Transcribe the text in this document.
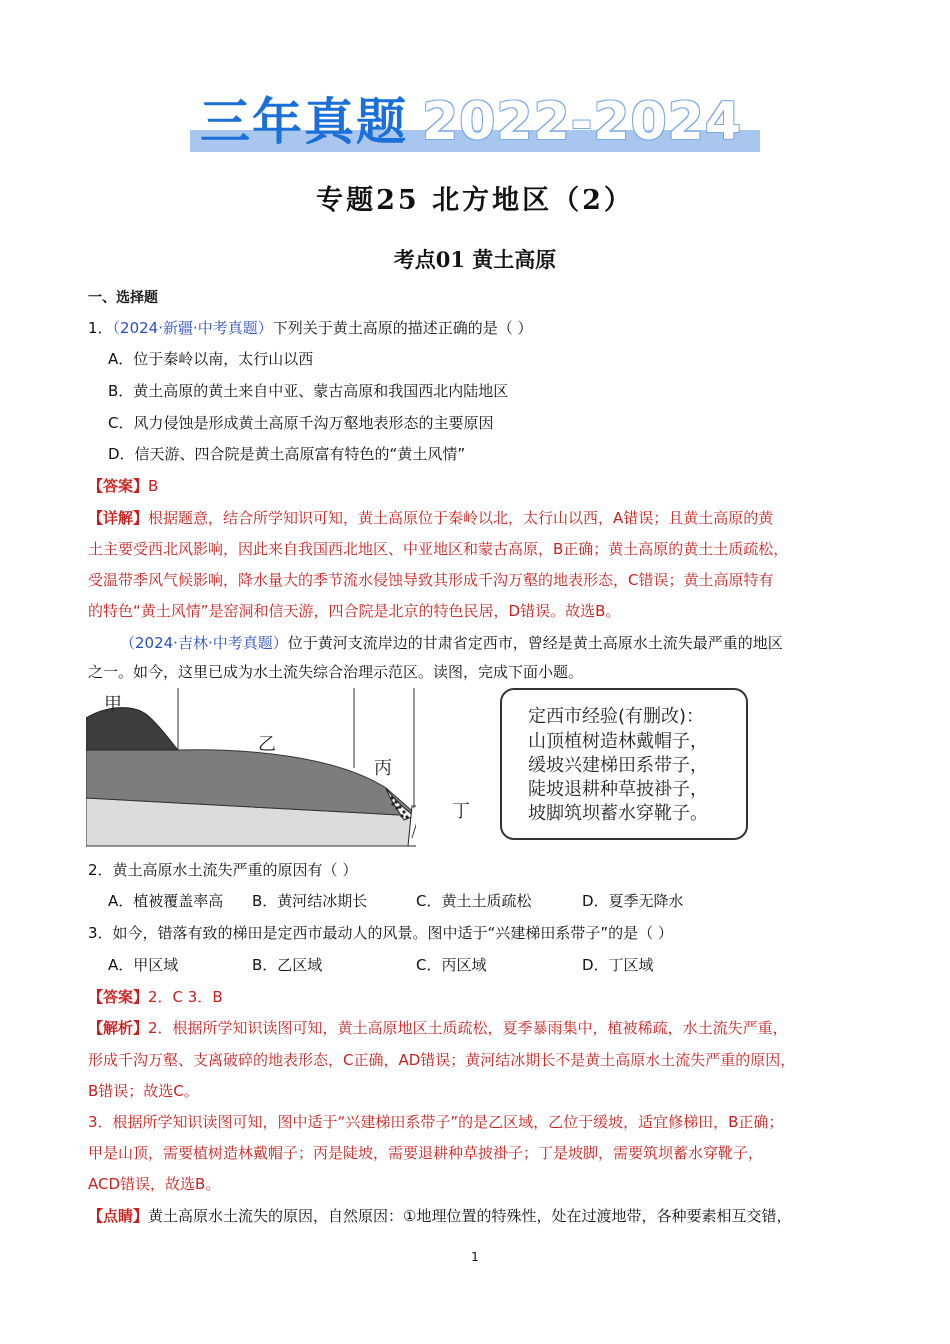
三年真题 2022-2024
专题25 北方地区（2）
考点01 黄土高原
一、选择题
1．（2024·新疆·中考真题）下列关于黄土高原的描述正确的是（ ）
A．位于秦岭以南，太行山以西
B．黄土高原的黄土来自中亚、蒙古高原和我国西北内陆地区
C．风力侵蚀是形成黄土高原千沟万壑地表形态的主要原因
D．信天游、四合院是黄土高原富有特色的“黄土风情”
【答案】B
【详解】根据题意，结合所学知识可知，黄土高原位于秦岭以北，太行山以西，A错误；且黄土高原的黄
土主要受西北风影响，因此来自我国西北地区、中亚地区和蒙古高原，B正确；黄土高原的黄土土质疏松，
受温带季风气候影响，降水量大的季节流水侵蚀导致其形成千沟万壑的地表形态，C错误；黄土高原特有
的特色“黄土风情”是窑洞和信天游，四合院是北京的特色民居，D错误。故选B。
（2024·吉林·中考真题）位于黄河支流岸边的甘肃省定西市，曾经是黄土高原水土流失最严重的地区
之一。如今，这里已成为水土流失综合治理示范区。读图，完成下面小题。
甲
乙
丙
丁
定西市经验(有删改)：
山顶植树造林戴帽子，
缓坡兴建梯田系带子，
陡坡退耕种草披褂子，
坡脚筑坝蓄水穿靴子。
2．黄土高原水土流失严重的原因有（ ）
A．植被覆盖率高 B．黄河结冰期长	C．黄土土质疏松	D．夏季无降水
3．如今，错落有致的梯田是定西市最动人的风景。图中适于“兴建梯田系带子”的是（ ）
A．甲区域	B．乙区域	C．丙区域	D．丁区域
【答案】2．C 3．B
【解析】2．根据所学知识读图可知，黄土高原地区土质疏松，夏季暴雨集中，植被稀疏，水土流失严重，
形成千沟万壑、支离破碎的地表形态，C正确，AD错误；黄河结冰期长不是黄土高原水土流失严重的原因，
B错误；故选C。
3．根据所学知识读图可知，图中适于“兴建梯田系带子”的是乙区域，乙位于缓坡，适宜修梯田，B正确；
甲是山顶，需要植树造林戴帽子；丙是陡坡，需要退耕种草披褂子；丁是坡脚，需要筑坝蓄水穿靴子，
ACD错误，故选B。
【点睛】黄土高原水土流失的原因，自然原因：①地理位置的特殊性，处在过渡地带，各种要素相互交错，
1
